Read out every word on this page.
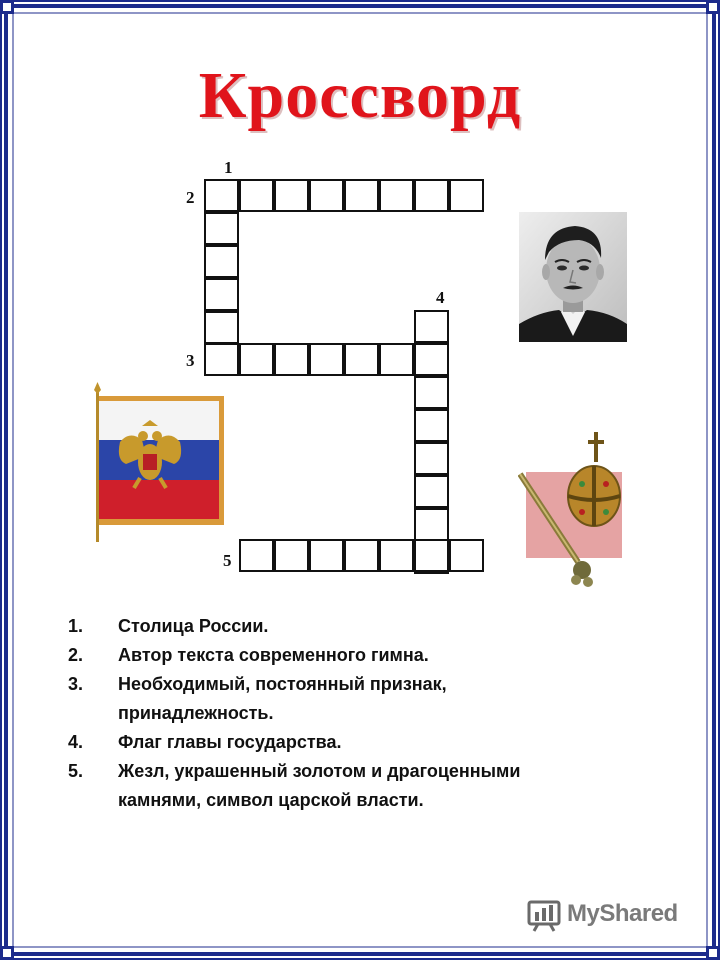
Кроссворд
1
2
3
4
5
1. Столица России.
2. Автор текста современного гимна.
3. Необходимый, постоянный признак,
принадлежность.
4. Флаг главы государства.
5. Жезл, украшенный золотом и драгоценными
камнями, символ царской власти.
MyShared
